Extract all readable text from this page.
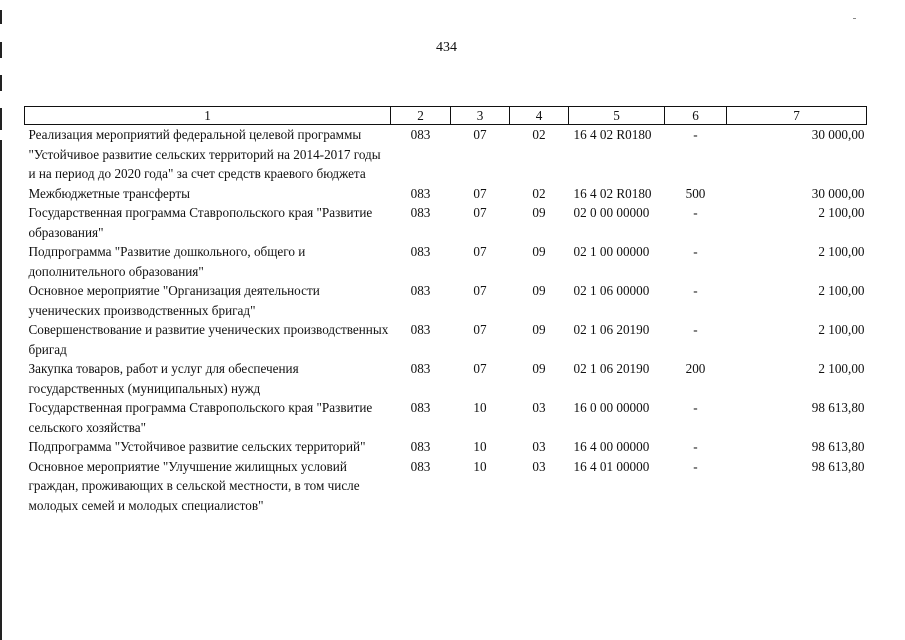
434
1	2	3	4	5	6	7
Реализация мероприятий федеральной целевой программы "Устойчивое развитие сельских территорий на 2014-2017 годы и на период до 2020 года" за счет средств краевого бюджета	083	07	02	16 4 02 R0180	-	30 000,00
Межбюджетные трансферты	083	07	02	16 4 02 R0180	500	30 000,00
Государственная программа Ставропольского края "Развитие образования"	083	07	09	02 0 00 00000	-	2 100,00
Подпрограмма "Развитие дошкольного, общего и дополнительного образования"	083	07	09	02 1 00 00000	-	2 100,00
Основное мероприятие "Организация деятельности ученических производственных бригад"	083	07	09	02 1 06 00000	-	2 100,00
Совершенствование и развитие ученических производственных бригад	083	07	09	02 1 06 20190	-	2 100,00
Закупка товаров, работ и услуг для обеспечения государственных (муниципальных) нужд	083	07	09	02 1 06 20190	200	2 100,00
Государственная программа Ставропольского края "Развитие сельского хозяйства"	083	10	03	16 0 00 00000	-	98 613,80
Подпрограмма "Устойчивое развитие сельских территорий"	083	10	03	16 4 00 00000	-	98 613,80
Основное мероприятие "Улучшение жилищных условий граждан, проживающих в сельской местности, в том числе молодых семей и молодых специалистов"	083	10	03	16 4 01 00000	-	98 613,80
